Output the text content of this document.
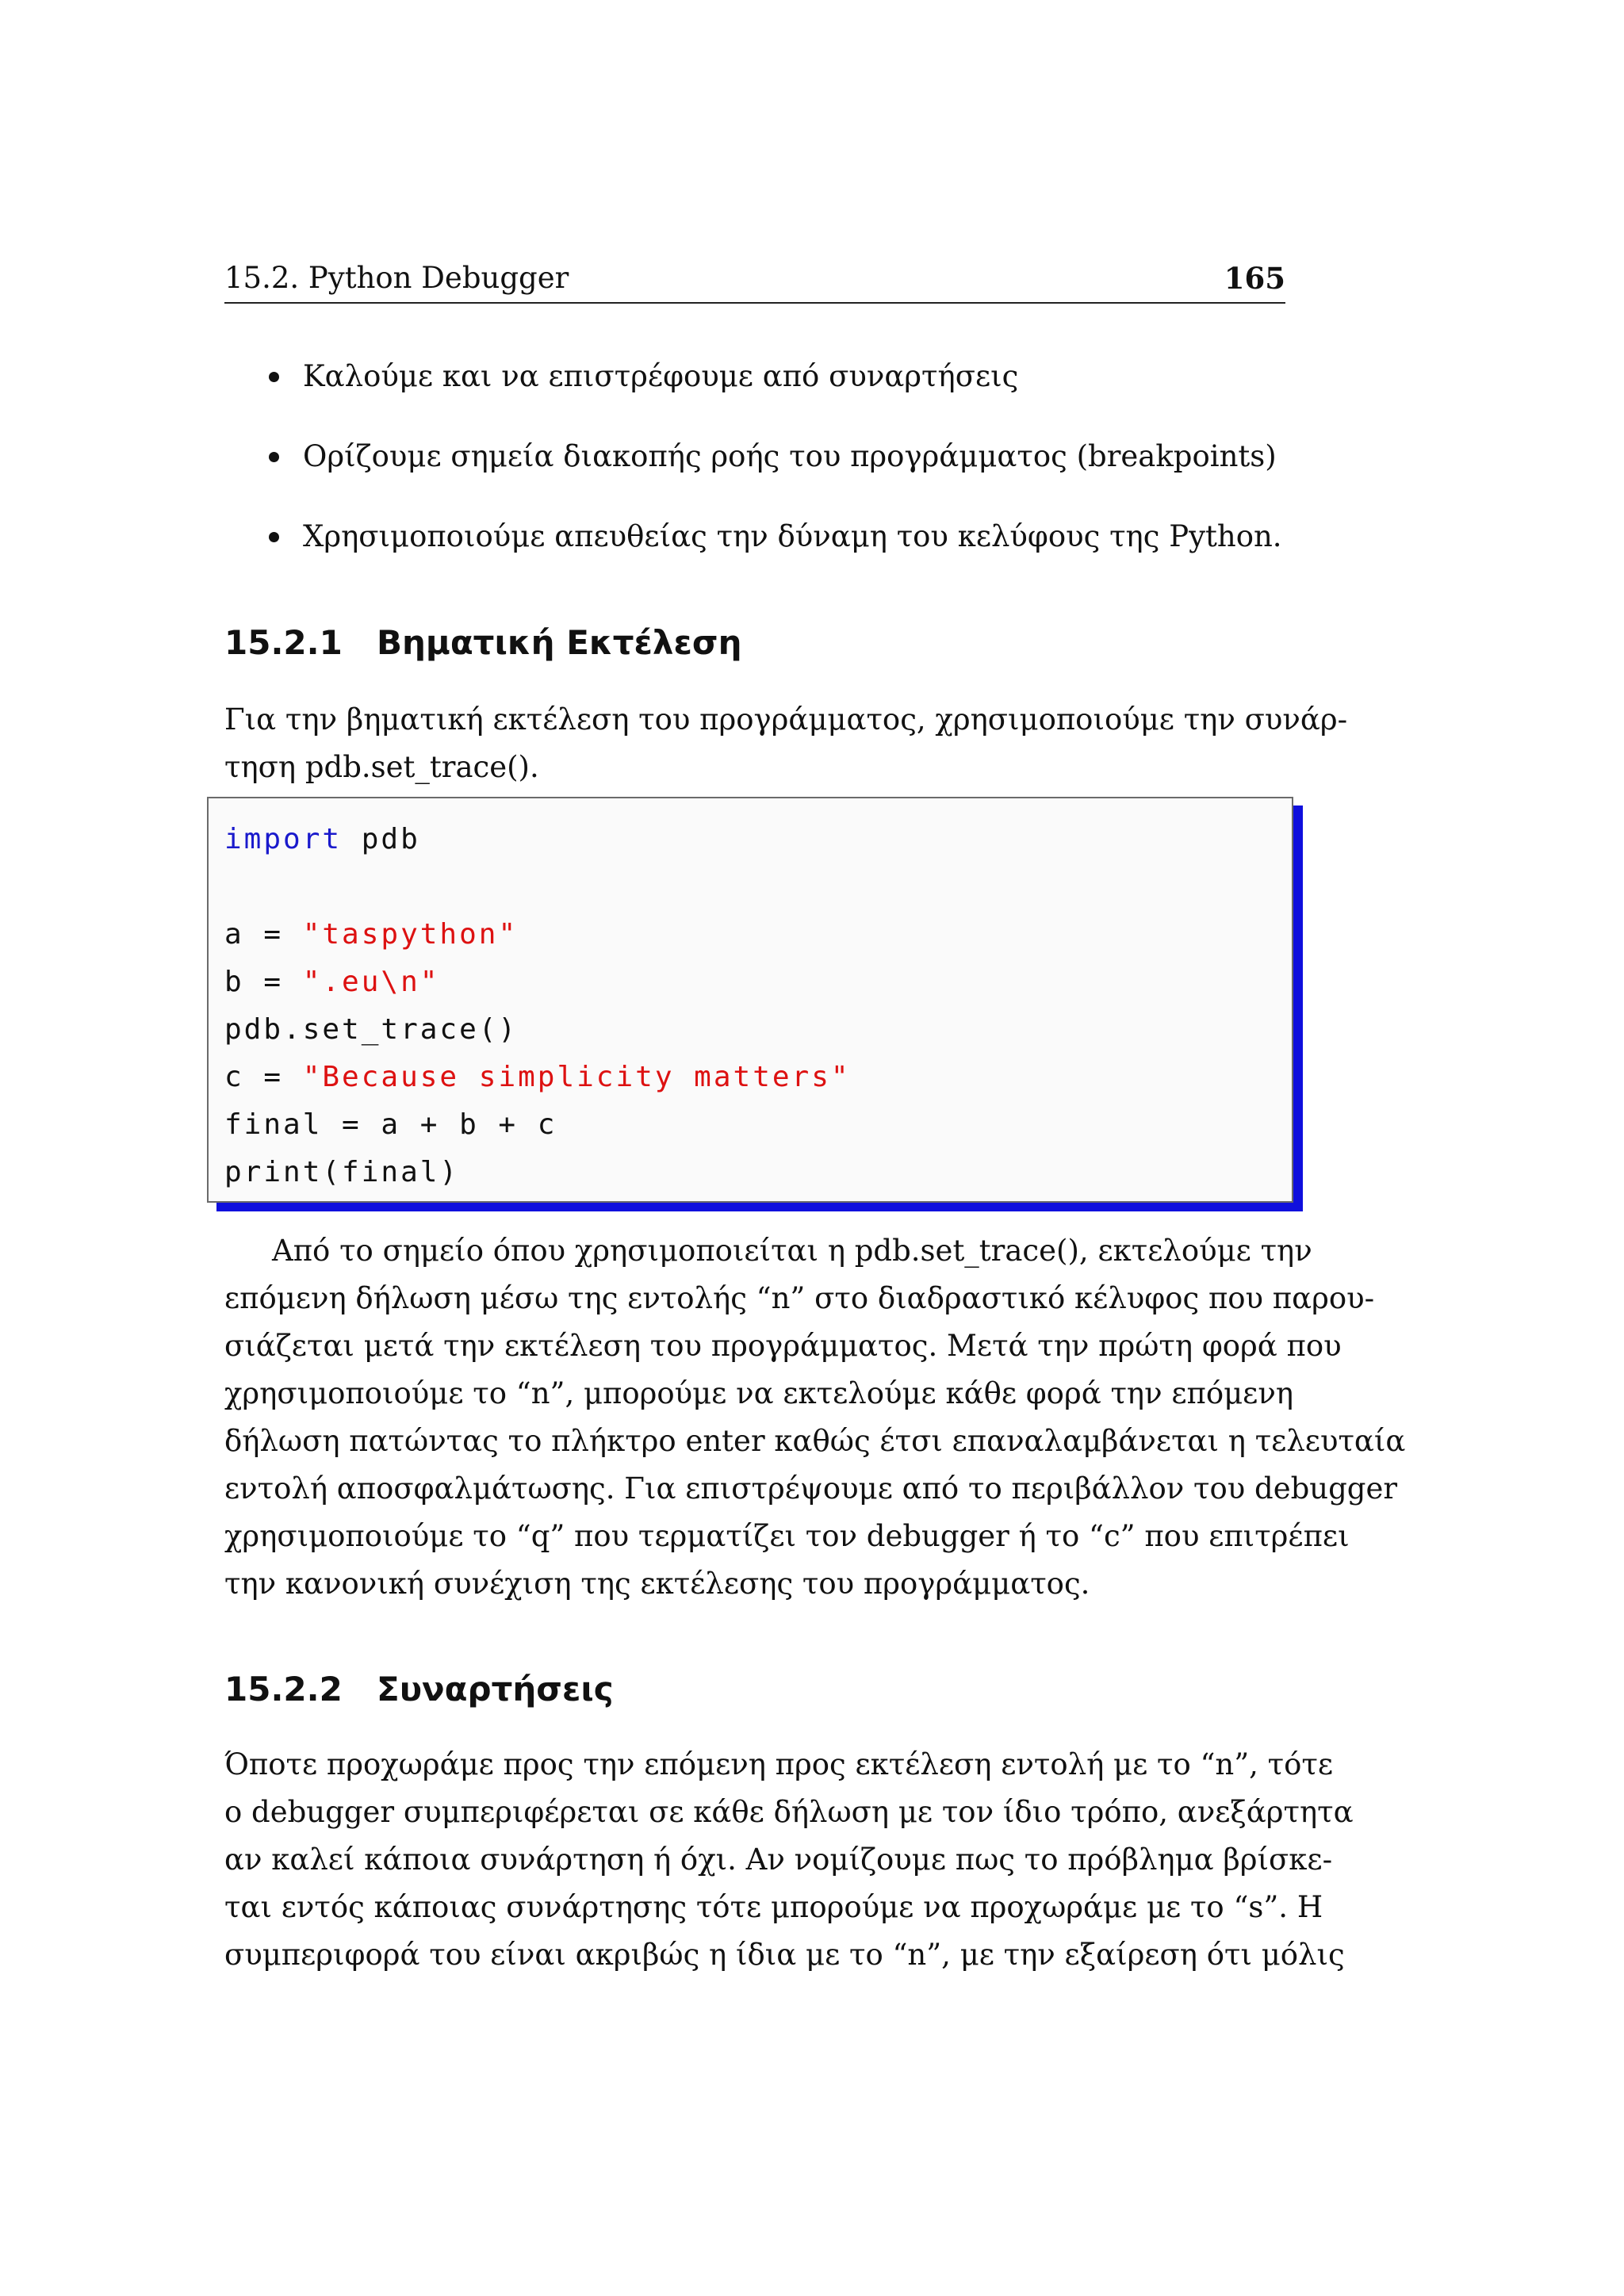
15.2. Python Debugger	165
Καλούμε και να επιστρέφουμε από συναρτήσεις
Ορίζουμε σημεία διακοπής ροής του προγράμματος (breakpoints)
Χρησιμοποιούμε απευθείας την δύναμη του κελύφους της Python.
15.2.1 Βηματική Εκτέλεση
Για την βηματική εκτέλεση του προγράμματος, χρησιμοποιούμε την συνάρ-
τηση pdb.set_trace().
import pdb
a = "taspython"
b = ".eu\n"
pdb.set_trace()
c = "Because simplicity matters"
final = a + b + c
print(final)
Από το σημείο όπου χρησιμοποιείται η pdb.set_trace(), εκτελούμε την
επόμενη δήλωση μέσω της εντολής “n” στο διαδραστικό κέλυφος που παρου-
σιάζεται μετά την εκτέλεση του προγράμματος. Μετά την πρώτη φορά που
χρησιμοποιούμε το “n”, μπορούμε να εκτελούμε κάθε φορά την επόμενη
δήλωση πατώντας το πλήκτρο enter καθώς έτσι επαναλαμβάνεται η τελευταία
εντολή αποσφαλμάτωσης. Για επιστρέψουμε από το περιβάλλον του debugger
χρησιμοποιούμε το “q” που τερματίζει τον debugger ή το “c” που επιτρέπει
την κανονική συνέχιση της εκτέλεσης του προγράμματος.
15.2.2 Συναρτήσεις
Όποτε προχωράμε προς την επόμενη προς εκτέλεση εντολή με το “n”, τότε
ο debugger συμπεριφέρεται σε κάθε δήλωση με τον ίδιο τρόπο, ανεξάρτητα
αν καλεί κάποια συνάρτηση ή όχι. Αν νομίζουμε πως το πρόβλημα βρίσκε-
ται εντός κάποιας συνάρτησης τότε μπορούμε να προχωράμε με το “s”. Η
συμπεριφορά του είναι ακριβώς η ίδια με το “n”, με την εξαίρεση ότι μόλις
